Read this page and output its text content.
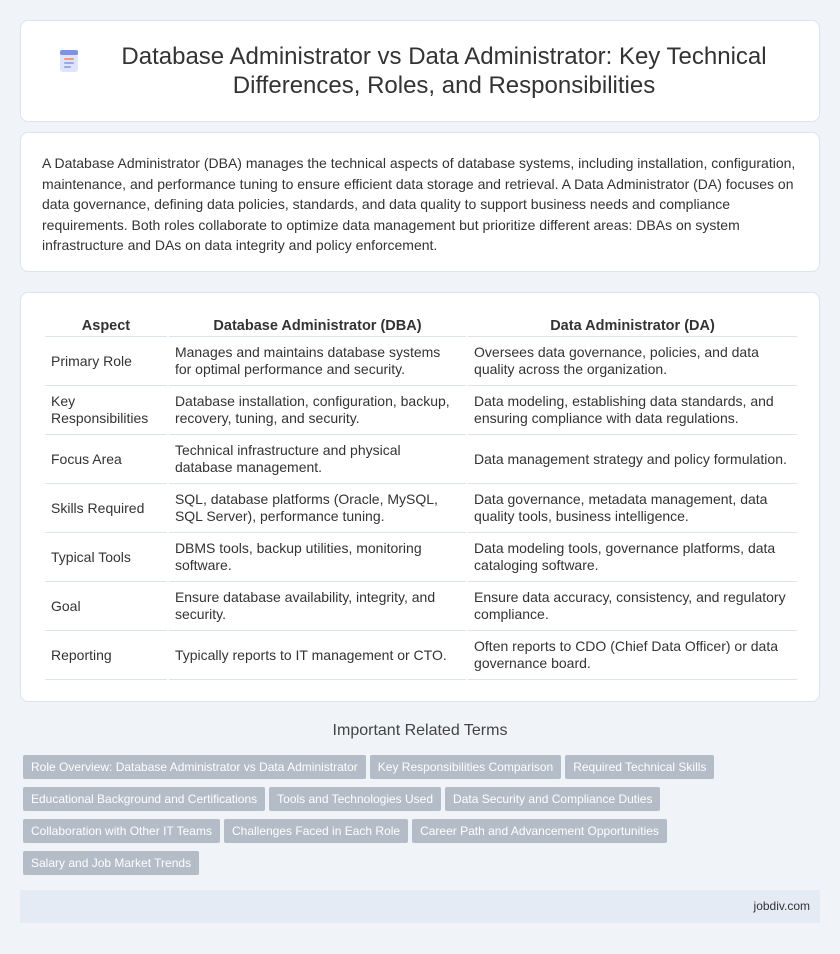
Database Administrator vs Data Administrator: Key Technical Differences, Roles, and Responsibilities

A Database Administrator (DBA) manages the technical aspects of database systems, including installation, configuration, maintenance, and performance tuning to ensure efficient data storage and retrieval. A Data Administrator (DA) focuses on data governance, defining data policies, standards, and data quality to support business needs and compliance requirements. Both roles collaborate to optimize data management but prioritize different areas: DBAs on system infrastructure and DAs on data integrity and policy enforcement.

Aspect	Database Administrator (DBA)	Data Administrator (DA)
Primary Role	Manages and maintains database systems for optimal performance and security.	Oversees data governance, policies, and data quality across the organization.
Key Responsibilities	Database installation, configuration, backup, recovery, tuning, and security.	Data modeling, establishing data standards, and ensuring compliance with data regulations.
Focus Area	Technical infrastructure and physical database management.	Data management strategy and policy formulation.
Skills Required	SQL, database platforms (Oracle, MySQL, SQL Server), performance tuning.	Data governance, metadata management, data quality tools, business intelligence.
Typical Tools	DBMS tools, backup utilities, monitoring software.	Data modeling tools, governance platforms, data cataloging software.
Goal	Ensure database availability, integrity, and security.	Ensure data accuracy, consistency, and regulatory compliance.
Reporting	Typically reports to IT management or CTO.	Often reports to CDO (Chief Data Officer) or data governance board.
Important Related Terms
Role Overview: Database Administrator vs Data Administrator Key Responsibilities Comparison Required Technical Skills
Educational Background and Certifications Tools and Technologies Used Data Security and Compliance Duties
Collaboration with Other IT Teams Challenges Faced in Each Role Career Path and Advancement Opportunities
Salary and Job Market Trends
jobdiv.com
